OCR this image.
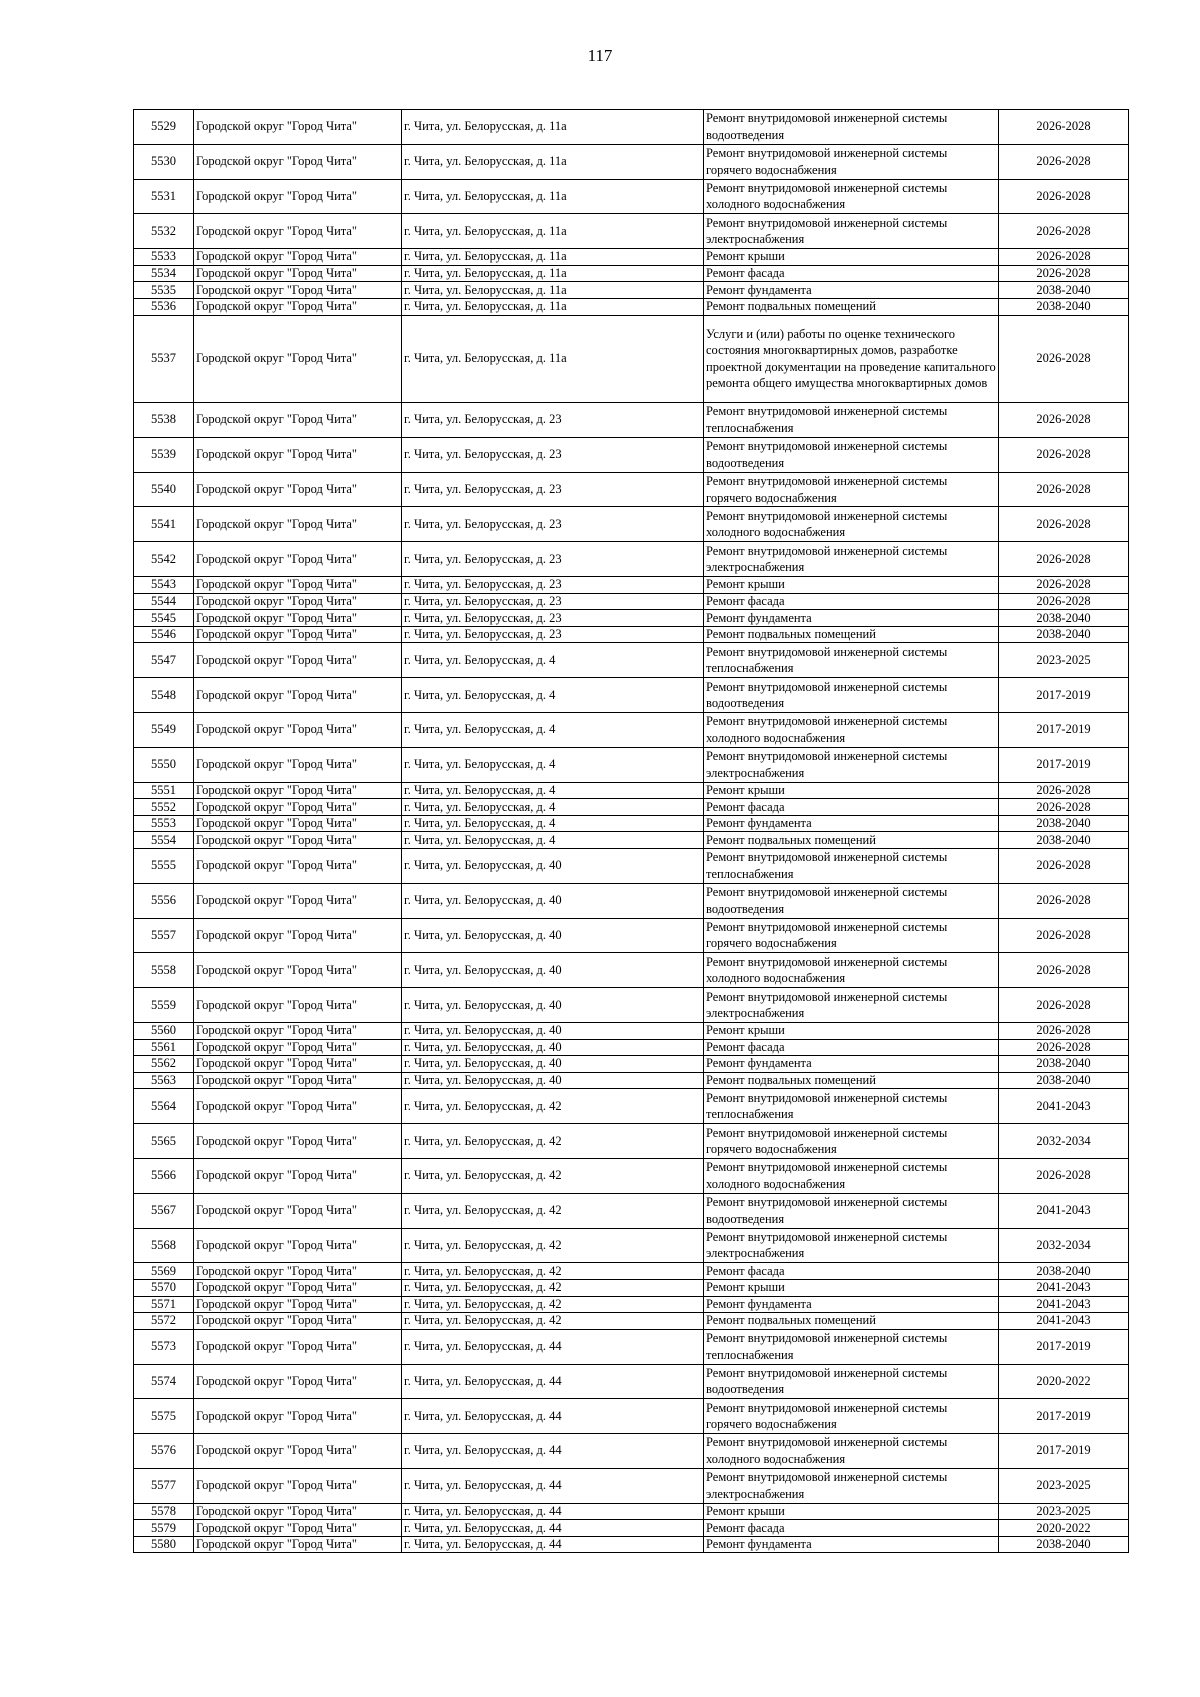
117
5529	Городской округ "Город Чита"	г. Чита, ул. Белорусская, д. 11а	Ремонт внутридомовой инженерной системы водоотведения	2026-2028
5530	Городской округ "Город Чита"	г. Чита, ул. Белорусская, д. 11а	Ремонт внутридомовой инженерной системы горячего водоснабжения	2026-2028
5531	Городской округ "Город Чита"	г. Чита, ул. Белорусская, д. 11а	Ремонт внутридомовой инженерной системы холодного водоснабжения	2026-2028
5532	Городской округ "Город Чита"	г. Чита, ул. Белорусская, д. 11а	Ремонт внутридомовой инженерной системы электроснабжения	2026-2028
5533	Городской округ "Город Чита"	г. Чита, ул. Белорусская, д. 11а	Ремонт крыши	2026-2028
5534	Городской округ "Город Чита"	г. Чита, ул. Белорусская, д. 11а	Ремонт фасада	2026-2028
5535	Городской округ "Город Чита"	г. Чита, ул. Белорусская, д. 11а	Ремонт фундамента	2038-2040
5536	Городской округ "Город Чита"	г. Чита, ул. Белорусская, д. 11а	Ремонт подвальных помещений	2038-2040
5537	Городской округ "Город Чита"	г. Чита, ул. Белорусская, д. 11а	Услуги и (или) работы по оценке технического состояния многоквартирных домов, разработке проектной документации на проведение капитального ремонта общего имущества многоквартирных домов	2026-2028
5538	Городской округ "Город Чита"	г. Чита, ул. Белорусская, д. 23	Ремонт внутридомовой инженерной системы теплоснабжения	2026-2028
5539	Городской округ "Город Чита"	г. Чита, ул. Белорусская, д. 23	Ремонт внутридомовой инженерной системы водоотведения	2026-2028
5540	Городской округ "Город Чита"	г. Чита, ул. Белорусская, д. 23	Ремонт внутридомовой инженерной системы горячего водоснабжения	2026-2028
5541	Городской округ "Город Чита"	г. Чита, ул. Белорусская, д. 23	Ремонт внутридомовой инженерной системы холодного водоснабжения	2026-2028
5542	Городской округ "Город Чита"	г. Чита, ул. Белорусская, д. 23	Ремонт внутридомовой инженерной системы электроснабжения	2026-2028
5543	Городской округ "Город Чита"	г. Чита, ул. Белорусская, д. 23	Ремонт крыши	2026-2028
5544	Городской округ "Город Чита"	г. Чита, ул. Белорусская, д. 23	Ремонт фасада	2026-2028
5545	Городской округ "Город Чита"	г. Чита, ул. Белорусская, д. 23	Ремонт фундамента	2038-2040
5546	Городской округ "Город Чита"	г. Чита, ул. Белорусская, д. 23	Ремонт подвальных помещений	2038-2040
5547	Городской округ "Город Чита"	г. Чита, ул. Белорусская, д. 4	Ремонт внутридомовой инженерной системы теплоснабжения	2023-2025
5548	Городской округ "Город Чита"	г. Чита, ул. Белорусская, д. 4	Ремонт внутридомовой инженерной системы водоотведения	2017-2019
5549	Городской округ "Город Чита"	г. Чита, ул. Белорусская, д. 4	Ремонт внутридомовой инженерной системы холодного водоснабжения	2017-2019
5550	Городской округ "Город Чита"	г. Чита, ул. Белорусская, д. 4	Ремонт внутридомовой инженерной системы электроснабжения	2017-2019
5551	Городской округ "Город Чита"	г. Чита, ул. Белорусская, д. 4	Ремонт крыши	2026-2028
5552	Городской округ "Город Чита"	г. Чита, ул. Белорусская, д. 4	Ремонт фасада	2026-2028
5553	Городской округ "Город Чита"	г. Чита, ул. Белорусская, д. 4	Ремонт фундамента	2038-2040
5554	Городской округ "Город Чита"	г. Чита, ул. Белорусская, д. 4	Ремонт подвальных помещений	2038-2040
5555	Городской округ "Город Чита"	г. Чита, ул. Белорусская, д. 40	Ремонт внутридомовой инженерной системы теплоснабжения	2026-2028
5556	Городской округ "Город Чита"	г. Чита, ул. Белорусская, д. 40	Ремонт внутридомовой инженерной системы водоотведения	2026-2028
5557	Городской округ "Город Чита"	г. Чита, ул. Белорусская, д. 40	Ремонт внутридомовой инженерной системы горячего водоснабжения	2026-2028
5558	Городской округ "Город Чита"	г. Чита, ул. Белорусская, д. 40	Ремонт внутридомовой инженерной системы холодного водоснабжения	2026-2028
5559	Городской округ "Город Чита"	г. Чита, ул. Белорусская, д. 40	Ремонт внутридомовой инженерной системы электроснабжения	2026-2028
5560	Городской округ "Город Чита"	г. Чита, ул. Белорусская, д. 40	Ремонт крыши	2026-2028
5561	Городской округ "Город Чита"	г. Чита, ул. Белорусская, д. 40	Ремонт фасада	2026-2028
5562	Городской округ "Город Чита"	г. Чита, ул. Белорусская, д. 40	Ремонт фундамента	2038-2040
5563	Городской округ "Город Чита"	г. Чита, ул. Белорусская, д. 40	Ремонт подвальных помещений	2038-2040
5564	Городской округ "Город Чита"	г. Чита, ул. Белорусская, д. 42	Ремонт внутридомовой инженерной системы теплоснабжения	2041-2043
5565	Городской округ "Город Чита"	г. Чита, ул. Белорусская, д. 42	Ремонт внутридомовой инженерной системы горячего водоснабжения	2032-2034
5566	Городской округ "Город Чита"	г. Чита, ул. Белорусская, д. 42	Ремонт внутридомовой инженерной системы холодного водоснабжения	2026-2028
5567	Городской округ "Город Чита"	г. Чита, ул. Белорусская, д. 42	Ремонт внутридомовой инженерной системы водоотведения	2041-2043
5568	Городской округ "Город Чита"	г. Чита, ул. Белорусская, д. 42	Ремонт внутридомовой инженерной системы электроснабжения	2032-2034
5569	Городской округ "Город Чита"	г. Чита, ул. Белорусская, д. 42	Ремонт фасада	2038-2040
5570	Городской округ "Город Чита"	г. Чита, ул. Белорусская, д. 42	Ремонт крыши	2041-2043
5571	Городской округ "Город Чита"	г. Чита, ул. Белорусская, д. 42	Ремонт фундамента	2041-2043
5572	Городской округ "Город Чита"	г. Чита, ул. Белорусская, д. 42	Ремонт подвальных помещений	2041-2043
5573	Городской округ "Город Чита"	г. Чита, ул. Белорусская, д. 44	Ремонт внутридомовой инженерной системы теплоснабжения	2017-2019
5574	Городской округ "Город Чита"	г. Чита, ул. Белорусская, д. 44	Ремонт внутридомовой инженерной системы водоотведения	2020-2022
5575	Городской округ "Город Чита"	г. Чита, ул. Белорусская, д. 44	Ремонт внутридомовой инженерной системы горячего водоснабжения	2017-2019
5576	Городской округ "Город Чита"	г. Чита, ул. Белорусская, д. 44	Ремонт внутридомовой инженерной системы холодного водоснабжения	2017-2019
5577	Городской округ "Город Чита"	г. Чита, ул. Белорусская, д. 44	Ремонт внутридомовой инженерной системы электроснабжения	2023-2025
5578	Городской округ "Город Чита"	г. Чита, ул. Белорусская, д. 44	Ремонт крыши	2023-2025
5579	Городской округ "Город Чита"	г. Чита, ул. Белорусская, д. 44	Ремонт фасада	2020-2022
5580	Городской округ "Город Чита"	г. Чита, ул. Белорусская, д. 44	Ремонт фундамента	2038-2040
